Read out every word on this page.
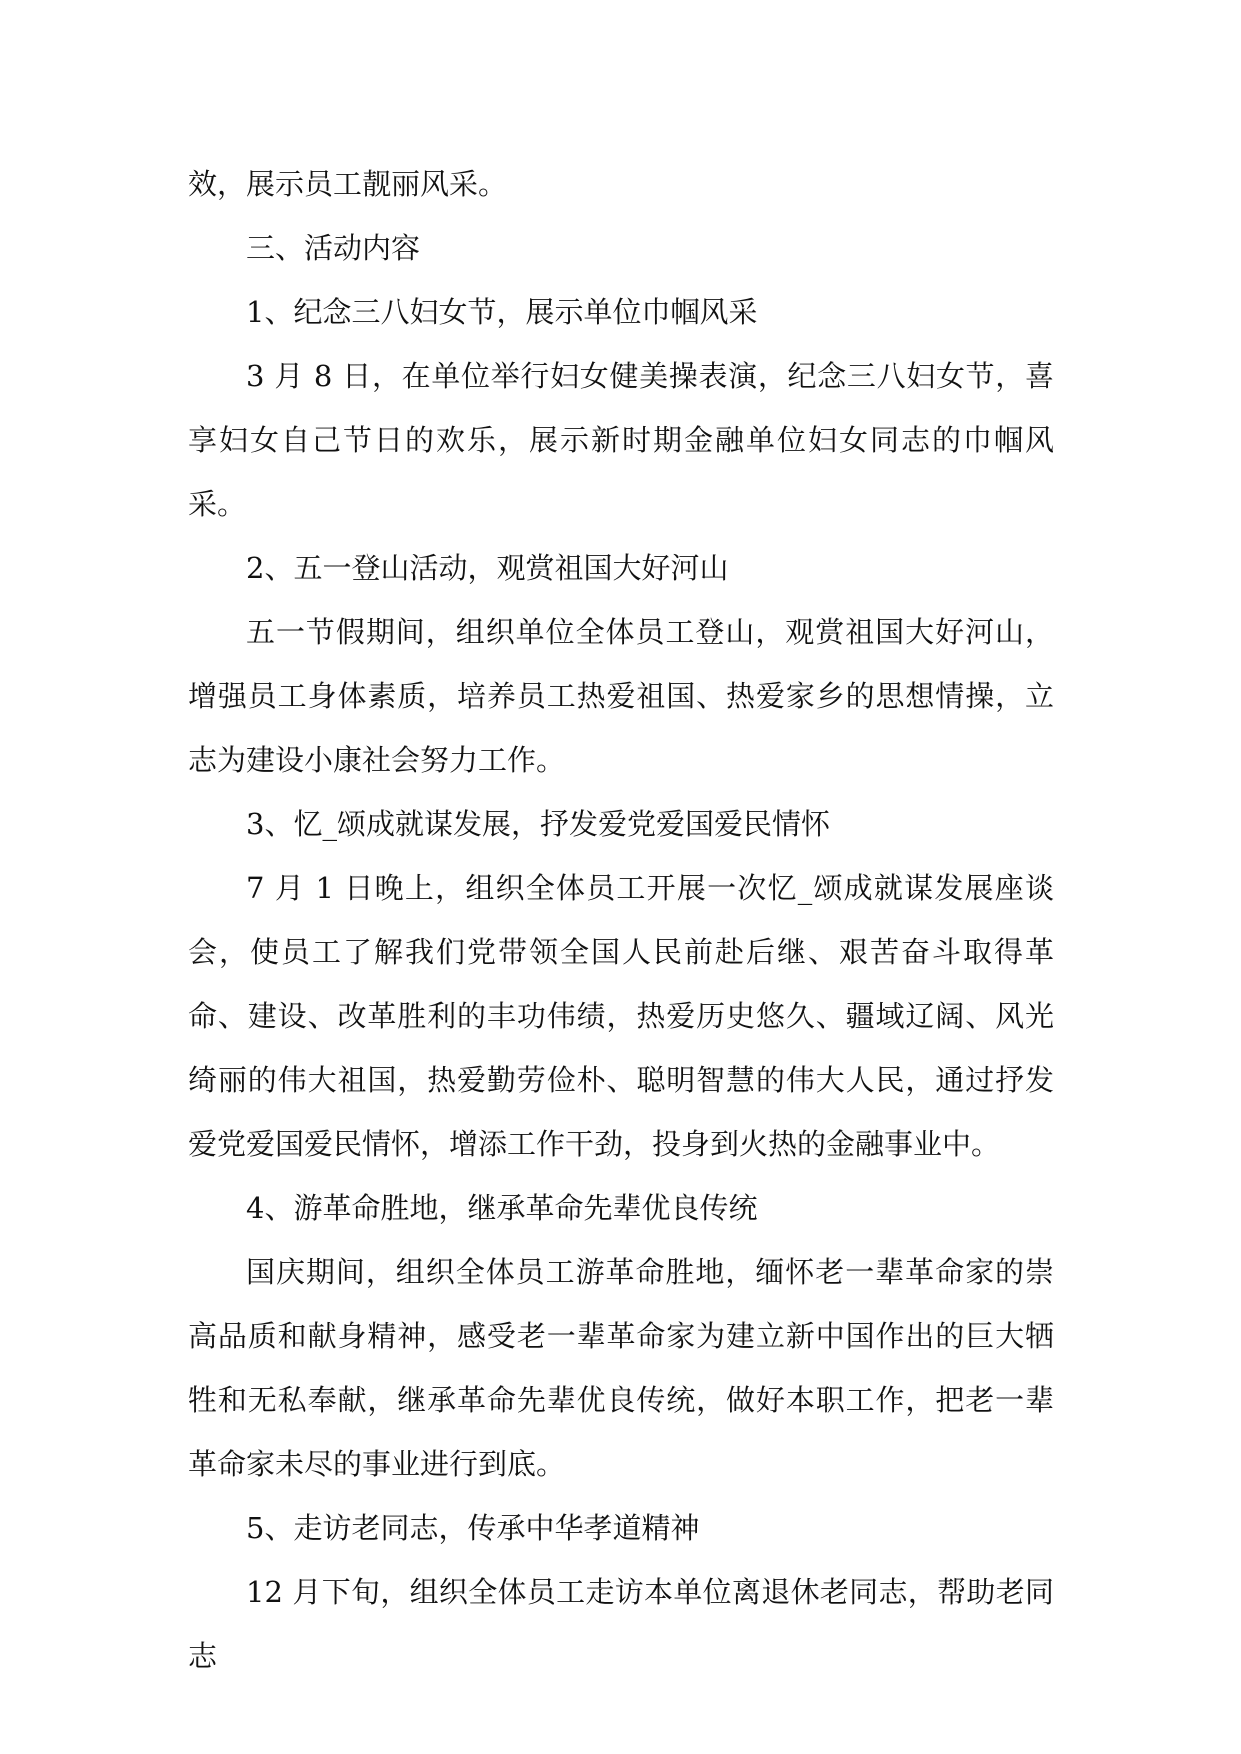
效，展示员工靓丽风采。

三、活动内容

1、纪念三八妇女节，展示单位巾帼风采

3 月 8 日，在单位举行妇女健美操表演，纪念三八妇女节，喜享妇女自己节日的欢乐，展示新时期金融单位妇女同志的巾帼风采。

2、五一登山活动，观赏祖国大好河山

五一节假期间，组织单位全体员工登山，观赏祖国大好河山，增强员工身体素质，培养员工热爱祖国、热爱家乡的思想情操，立志为建设小康社会努力工作。

3、忆_颂成就谋发展，抒发爱党爱国爱民情怀

7 月 1 日晚上，组织全体员工开展一次忆_颂成就谋发展座谈会，使员工了解我们党带领全国人民前赴后继、艰苦奋斗取得革命、建设、改革胜利的丰功伟绩，热爱历史悠久、疆域辽阔、风光绮丽的伟大祖国，热爱勤劳俭朴、聪明智慧的伟大人民，通过抒发爱党爱国爱民情怀，增添工作干劲，投身到火热的金融事业中。

4、游革命胜地，继承革命先辈优良传统

国庆期间，组织全体员工游革命胜地，缅怀老一辈革命家的崇高品质和献身精神，感受老一辈革命家为建立新中国作出的巨大牺牲和无私奉献，继承革命先辈优良传统，做好本职工作，把老一辈革命家未尽的事业进行到底。

5、走访老同志，传承中华孝道精神

12 月下旬，组织全体员工走访本单位离退休老同志，帮助老同志
